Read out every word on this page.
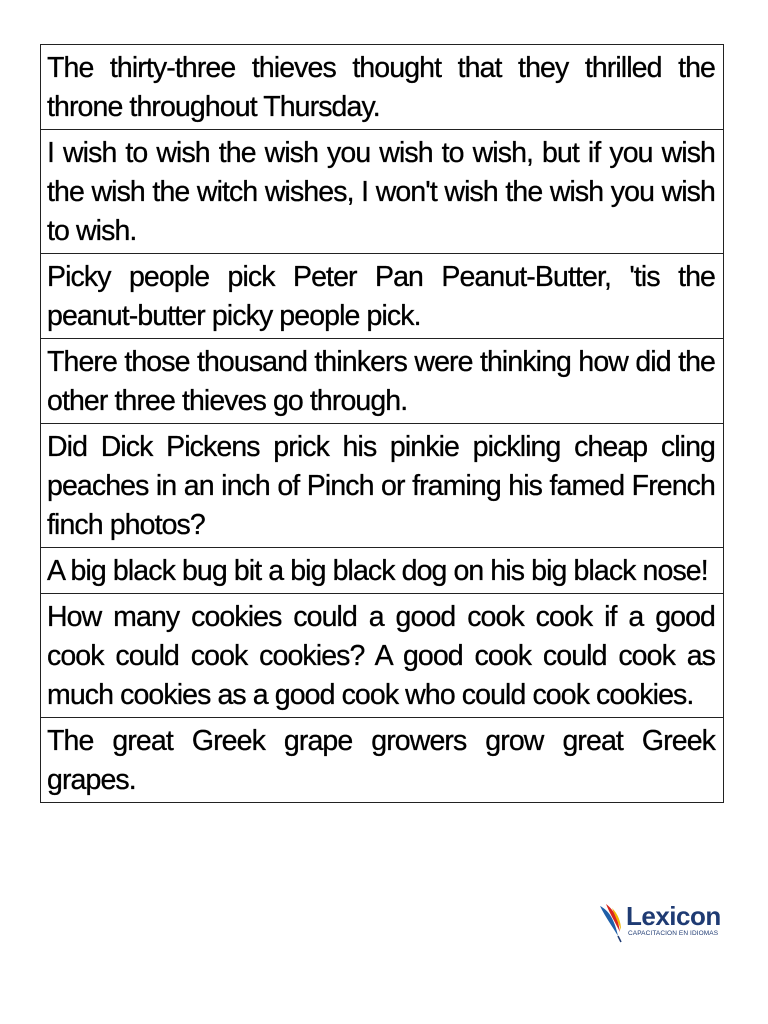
The thirty-three thieves thought that they thrilled the throne throughout Thursday.
I wish to wish the wish you wish to wish, but if you wish the wish the witch wishes, I won't wish the wish you wish to wish.
Picky people pick Peter Pan Peanut-Butter, 'tis the peanut-butter picky people pick.
There those thousand thinkers were thinking how did the other three thieves go through.
Did Dick Pickens prick his pinkie pickling cheap cling peaches in an inch of Pinch or framing his famed French finch photos?
A big black bug bit a big black dog on his big black nose!
How many cookies could a good cook cook if a good cook could cook cookies? A good cook could cook as much cookies as a good cook who could cook cookies.
The great Greek grape growers grow great Greek grapes.
Lexicon
CAPACITACION EN IDIOMAS
